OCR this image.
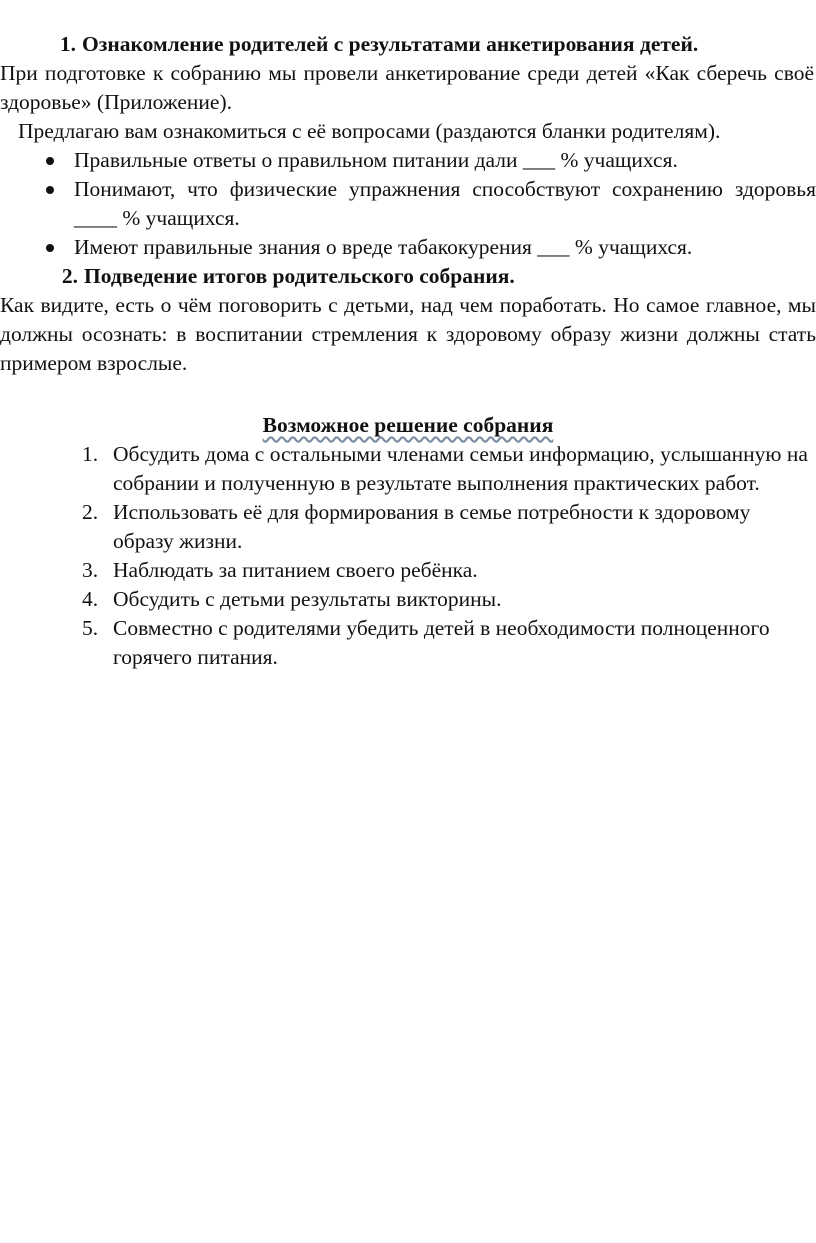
1. Ознакомление родителей с результатами анкетирования детей.

При подготовке к собранию мы провели анкетирование среди детей «Как сберечь своё здоровье» (Приложение).

Предлагаю вам ознакомиться с её вопросами (раздаются бланки родителям).

Правильные ответы о правильном питании дали ___ % учащихся.
Понимают, что физические упражнения способствуют сохранению здоровья ____ % учащихся.
Имеют правильные знания о вреде табакокурения ___ % учащихся.
2. Подведение итогов родительского собрания.

Как видите, есть о чём поговорить с детьми, над чем поработать. Но самое главное, мы должны осознать: в воспитании стремления к здоровому образу жизни должны стать примером взрослые.

Возможное решение собрания
1. Обсудить дома с остальными членами семьи информацию, услышанную на собрании и полученную в результате выполнения практических работ.
2. Использовать её для формирования в семье потребности к здоровому образу жизни.
3. Наблюдать за питанием своего ребёнка.
4. Обсудить с детьми результаты викторины.
5. Совместно с родителями убедить детей в необходимости полноценного горячего питания.
